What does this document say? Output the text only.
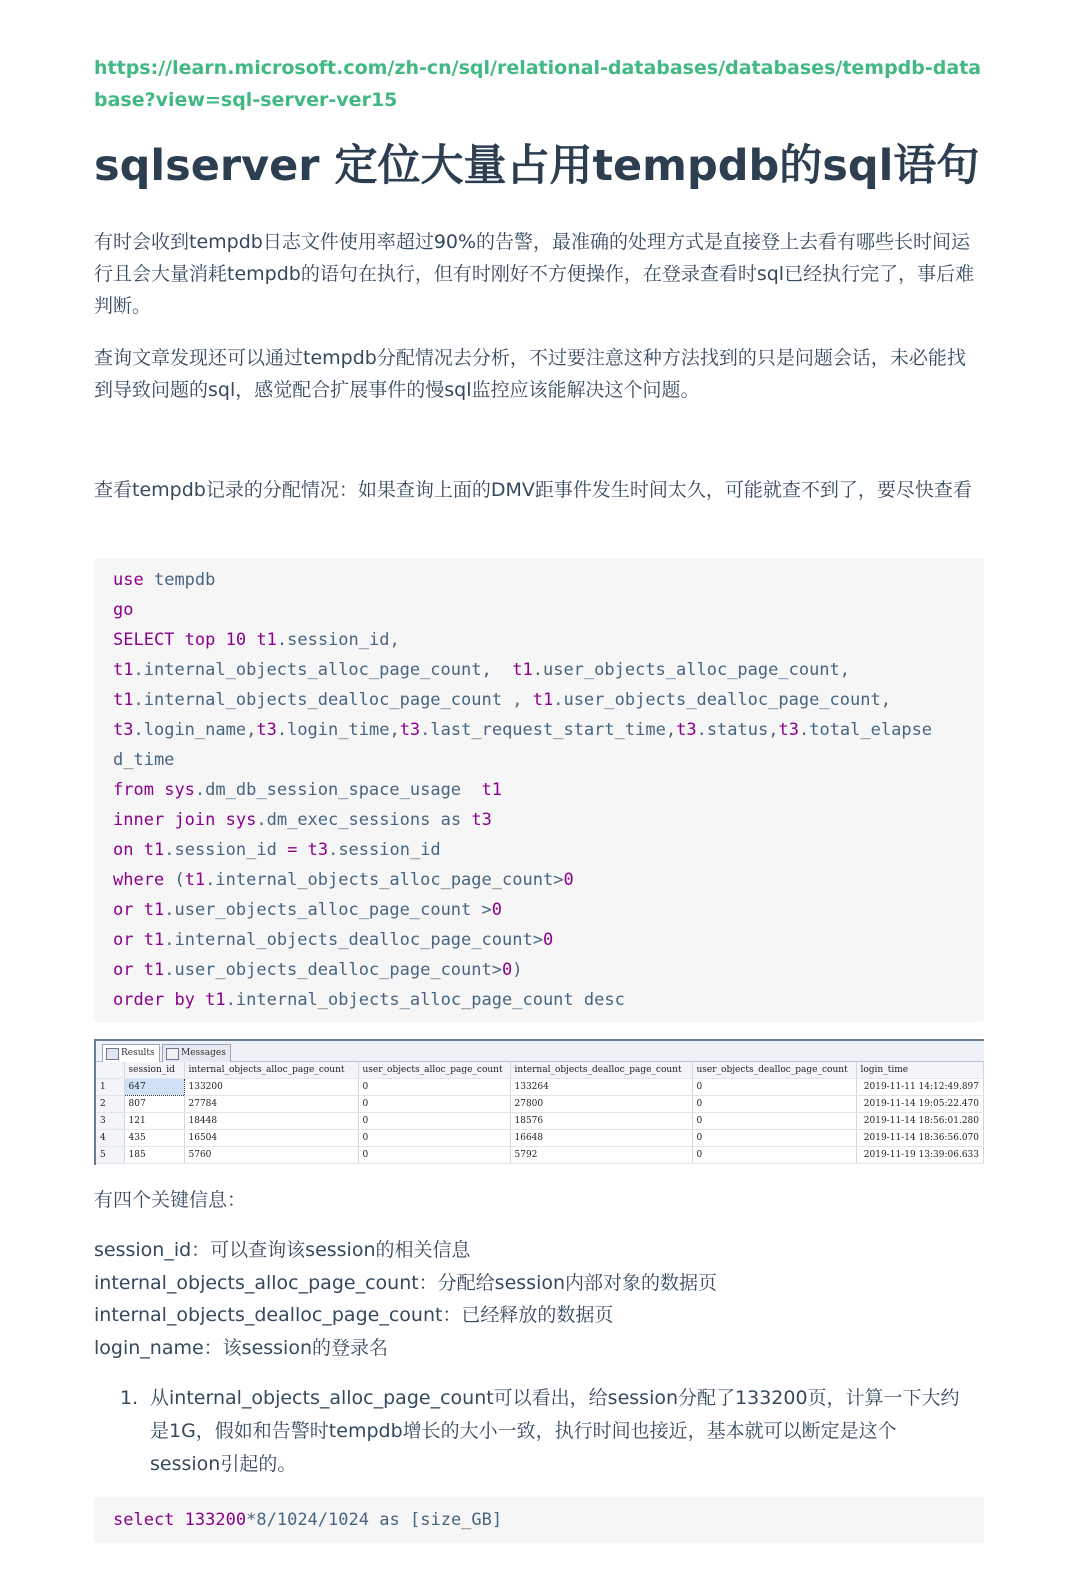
https://learn.microsoft.com/zh-cn/sql/relational-databases/databases/tempdb-database?view=sql-server-ver15
sqlserver 定位大量占用tempdb的sql语句

有时会收到tempdb日志文件使用率超过90%的告警，最准确的处理方式是直接登上去看有哪些长时间运行且会大量消耗tempdb的语句在执行，但有时刚好不方便操作，在登录查看时sql已经执行完了，事后难判断。

查询文章发现还可以通过tempdb分配情况去分析，不过要注意这种方法找到的只是问题会话，未必能找到导致问题的sql，感觉配合扩展事件的慢sql监控应该能解决这个问题。

查看tempdb记录的分配情况：如果查询上面的DMV距事件发生时间太久，可能就查不到了，要尽快查看

use tempdb
go
SELECT top 10 t1.session_id,
t1.internal_objects_alloc_page_count, t1.user_objects_alloc_page_count,
t1.internal_objects_dealloc_page_count , t1.user_objects_dealloc_page_count,
t3.login_name,t3.login_time,t3.last_request_start_time,t3.status,t3.total_elapse
d_time
from sys.dm_db_session_space_usage t1
inner join sys.dm_exec_sessions as t3
on t1.session_id = t3.session_id
where (t1.internal_objects_alloc_page_count>0
or t1.user_objects_alloc_page_count >0
or t1.internal_objects_dealloc_page_count>0
or t1.user_objects_dealloc_page_count>0)
order by t1.internal_objects_alloc_page_count desc
Results	Messages
	session_id	internal_objects_alloc_page_count	user_objects_alloc_page_count	internal_objects_dealloc_page_count	user_objects_dealloc_page_count	login_time
1	647	133200	0	133264	0	2019-11-11 14:12:49.897
2	807	27784	0	27800	0	2019-11-14 19:05:22.470
3	121	18448	0	18576	0	2019-11-14 18:56:01.280
4	435	16504	0	16648	0	2019-11-14 18:36:56.070
5	185	5760	0	5792	0	2019-11-19 13:39:06.633

有四个关键信息：

session_id：可以查询该session的相关信息
internal_objects_alloc_page_count：分配给session内部对象的数据页
internal_objects_dealloc_page_count：已经释放的数据页
login_name：该session的登录名
1. 从internal_objects_alloc_page_count可以看出，给session分配了133200页，计算一下大约是1G，假如和告警时tempdb增长的大小一致，执行时间也接近，基本就可以断定是这个session引起的。
select 133200*8/1024/1024 as [size_GB]
